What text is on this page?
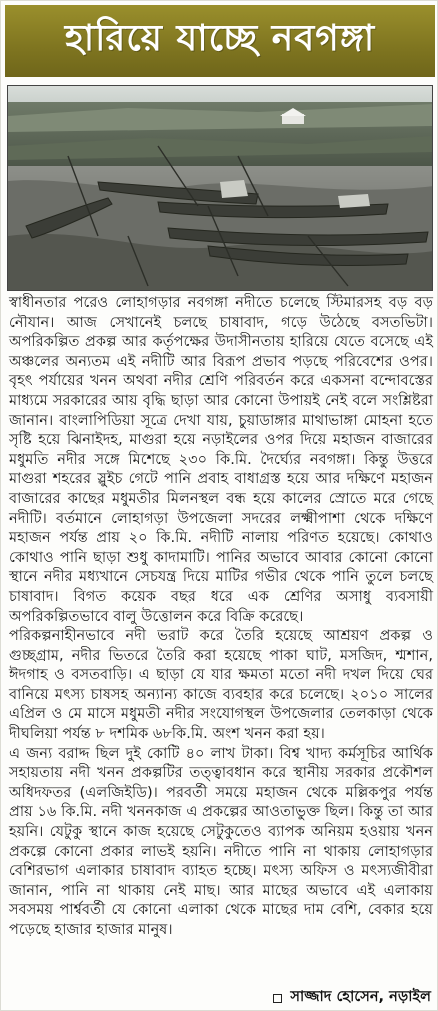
হারিয়ে যাচ্ছে নবগঙ্গা

স্বাধীনতার পরেও লোহাগড়ার নবগঙ্গা নদীতে চলেছে স্টিমারসহ বড় বড় নৌযান। আজ সেখানেই চলছে চাষাবাদ, গড়ে উঠেছে বসতভিটা। অপরিকল্পিত প্রকল্প আর কর্তৃপক্ষের উদাসীনতায় হারিয়ে যেতে বসেছে এই অঞ্চলের অন্যতম এই নদীটি আর বিরূপ প্রভাব পড়ছে পরিবেশের ওপর। বৃহৎ পর্যায়ের খনন অথবা নদীর শ্রেণি পরিবর্তন করে একসনা বন্দোবস্তের মাধ্যমে সরকারের আয় বৃদ্ধি ছাড়া আর কোনো উপায়ই নেই বলে সংশ্লিষ্টরা জানান। বাংলাপিডিয়া সূত্রে দেখা যায়, চুয়াডাঙ্গার মাথাভাঙ্গা মোহনা হতে সৃষ্টি হয়ে ঝিনাইদহ, মাগুরা হয়ে নড়াইলের ওপর দিয়ে মহাজন বাজারের মধুমতি নদীর সঙ্গে মিশেছে ২৩০ কি.মি. দৈর্ঘ্যের নবগঙ্গা। কিন্তু উত্তরে মাগুরা শহরের স্লুইচ গেটে পানি প্রবাহ বাধাগ্রস্ত হয়ে আর দক্ষিণে মহাজন বাজারের কাছের মধুমতীর মিলনস্থল বন্ধ হয়ে কালের স্রোতে মরে গেছে নদীটি। বর্তমানে লোহাগড়া উপজেলা সদরের লক্ষ্মীপাশা থেকে দক্ষিণে মহাজন পর্যন্ত প্রায় ২০ কি.মি. নদীটি নালায় পরিণত হয়েছে। কোথাও কোথাও পানি ছাড়া শুধু কাদামাটি। পানির অভাবে আবার কোনো কোনো স্থানে নদীর মধ্যখানে সেচযন্ত্র দিয়ে মাটির গভীর থেকে পানি তুলে চলছে চাষাবাদ। বিগত কয়েক বছর ধরে এক শ্রেণির অসাধু ব্যবসায়ী অপরিকল্পিতভাবে বালু উত্তোলন করে বিক্রি করেছে।

পরিকল্পনাহীনভাবে নদী ভরাট করে তৈরি হয়েছে আশ্রয়ণ প্রকল্প ও গুচ্ছগ্রাম, নদীর ভিতরে তৈরি করা হয়েছে পাকা ঘাট, মসজিদ, শ্মশান, ঈদগাহ ও বসতবাড়ি। এ ছাড়া যে যার ক্ষমতা মতো নদী দখল দিয়ে ঘের বানিয়ে মৎস্য চাষসহ অন্যান্য কাজে ব্যবহার করে চলেছে। ২০১০ সালের এপ্রিল ও মে মাসে মধুমতী নদীর সংযোগস্থল উপজেলার তেলকাড়া থেকে দীঘলিয়া পর্যন্ত ৮ দশমিক ৬৮কি.মি. অংশ খনন করা হয়।

এ জন্য বরাদ্দ ছিল দুই কোটি ৪০ লাখ টাকা। বিশ্ব খাদ্য কর্মসূচির আর্থিক সহায়তায় নদী খনন প্রকল্পটির তত্ত্বাবধান করে স্থানীয় সরকার প্রকৌশল অধিদফতর (এলজিইডি)। পরবর্তী সময়ে মহাজন থেকে মল্লিকপুর পর্যন্ত প্রায় ১৬ কি.মি. নদী খননকাজ এ প্রকল্পের আওতাভুক্ত ছিল। কিন্তু তা আর হয়নি। যেটুকু স্থানে কাজ হয়েছে সেটুকুতেও ব্যাপক অনিয়ম হওয়ায় খনন প্রকল্পে কোনো প্রকার লাভই হয়নি। নদীতে পানি না থাকায় লোহাগড়ার বেশিরভাগ এলাকার চাষাবাদ ব্যাহত হচ্ছে। মৎস্য অফিস ও মৎস্যজীবীরা জানান, পানি না থাকায় নেই মাছ। আর মাছের অভাবে এই এলাকায় সবসময় পার্শ্ববর্তী যে কোনো এলাকা থেকে মাছের দাম বেশি, বেকার হয়ে পড়েছে হাজার হাজার মানুষ।

সাজ্জাদ হোসেন, নড়াইল
